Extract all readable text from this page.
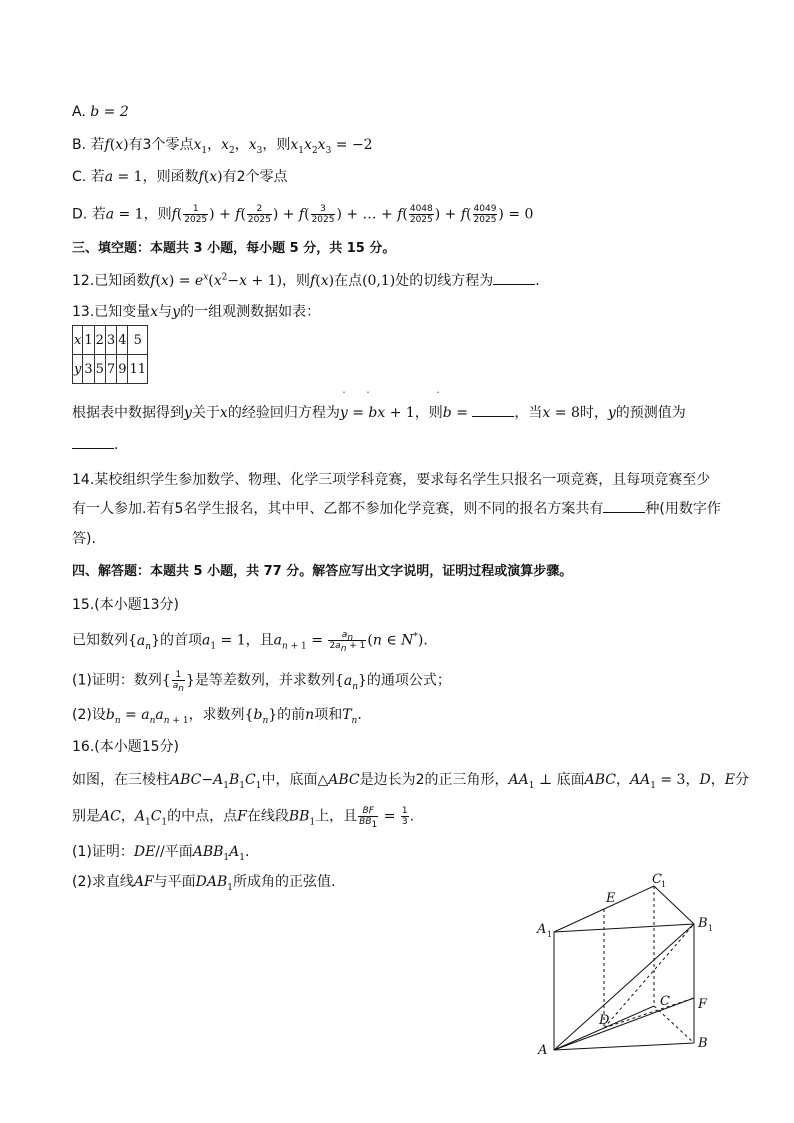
A. b = 2
B. 若f(x)有3个零点$x_1$，$x_2$，$x_3$，则$x_1x_2x_3 = -2$
C. 若a = 1，则函数f(x)有2个零点
D. 若a = 1，则$f( \frac{1}{2025}$ ) + $f( \frac{2}{2025}$ ) + $f( \frac{3}{2025}$ ) + … + $f( \frac{4048}{2025}$ ) + $f( \frac{4049}{2025}$ ) = 0
三、填空题：本题共 3 小题，每小题 5 分，共 15 分。
12.已知函数$f(x) = e^x(x^2-x + 1)$，则f(x)在点(0,1)处的切线方程为	.
13.已知变量x与y的一组观测数据如表：
x	1	2	3	4	5
y	3	5	7	9	11
根据表中数据得到y关于x的经验回归方程为y = bx + 1，则b =	，当x = 8时，y的预测值为
ˆ	ˆ	ˆ
.
14.某校组织学生参加数学、物理、化学三项学科竞赛，要求每名学生只报名一项竞赛，且每项竞赛至少
有一人参加.若有5名学生报名，其中甲、乙都不参加化学竞赛，则不同的报名方案共有	种(用数字作
答).
四、解答题：本题共 5 小题，共 77 分。解答应写出文字说明，证明过程或演算步骤。
15.(本小题13分)
已知数列$\{a_n\}$的首项$a_1 = 1$，且$a_{n + 1} = \frac{a_n}{2a_n + 1} (n$ ∈ N*).
(1)证明：数列{ $\frac{1}{a_n}$ }是等差数列，并求数列$\{a_n\}$的通项公式；
(2)设$b_n = a_na_{n + 1}$，求数列$\{b_n\}$的前n项和$T_n$.
16.(本小题15分)
如图，在三棱柱$ABC-A_1B_1C_1$中，底面△ABC是边长为2的正三角形，$AA_1$ ⊥ 底面ABC，$AA_1 = 3$，D，E分
别是AC，$A_1C_1$的中点，点F在线段$BB_1$上，且 $\frac{BF}{BB_1} = \frac{1}{3}$ .
(1)证明：DE//平面$ABB_1A_1$.
(2)求直线AF与平面$DAB_1$所成角的正弦值.
A	B
C F
D
E
A 1
B 1
C 1
